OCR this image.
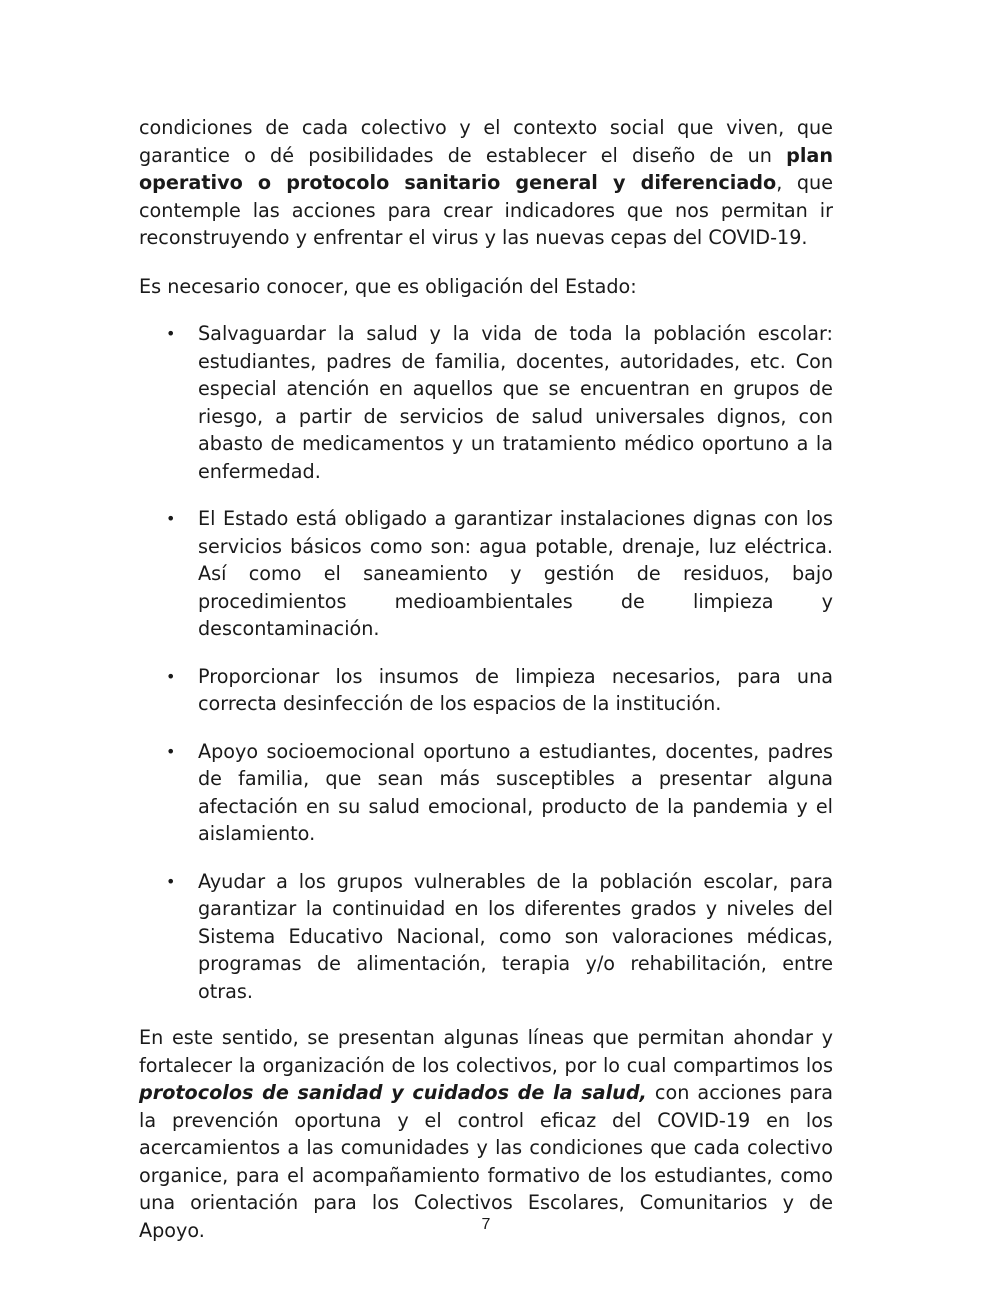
condiciones de cada colectivo y el contexto social que viven, que garantice o dé posibilidades de establecer el diseño de un plan operativo o protocolo sanitario general y diferenciado, que contemple las acciones para crear indicadores que nos permitan ir reconstruyendo y enfrentar el virus y las nuevas cepas del COVID-19.

Es necesario conocer, que es obligación del Estado:

• Salvaguardar la salud y la vida de toda la población escolar: estudiantes, padres de familia, docentes, autoridades, etc. Con especial atención en aquellos que se encuentran en grupos de riesgo, a partir de servicios de salud universales dignos, con abasto de medicamentos y un tratamiento médico oportuno a la enfermedad.
• El Estado está obligado a garantizar instalaciones dignas con los servicios básicos como son: agua potable, drenaje, luz eléctrica. Así como el saneamiento y gestión de residuos, bajo procedimientos medioambientales de limpieza y descontaminación.
• Proporcionar los insumos de limpieza necesarios, para una correcta desinfección de los espacios de la institución.
• Apoyo socioemocional oportuno a estudiantes, docentes, padres de familia, que sean más susceptibles a presentar alguna afectación en su salud emocional, producto de la pandemia y el aislamiento.
• Ayudar a los grupos vulnerables de la población escolar, para garantizar la continuidad en los diferentes grados y niveles del Sistema Educativo Nacional, como son valoraciones médicas, programas de alimentación, terapia y/o rehabilitación, entre otras.

En este sentido, se presentan algunas líneas que permitan ahondar y fortalecer la organización de los colectivos, por lo cual compartimos los protocolos de sanidad y cuidados de la salud, con acciones para la prevención oportuna y el control eficaz del COVID-19 en los acercamientos a las comunidades y las condiciones que cada colectivo organice, para el acompañamiento formativo de los estudiantes, como una orientación para los Colectivos Escolares, Comunitarios y de Apoyo.	7
